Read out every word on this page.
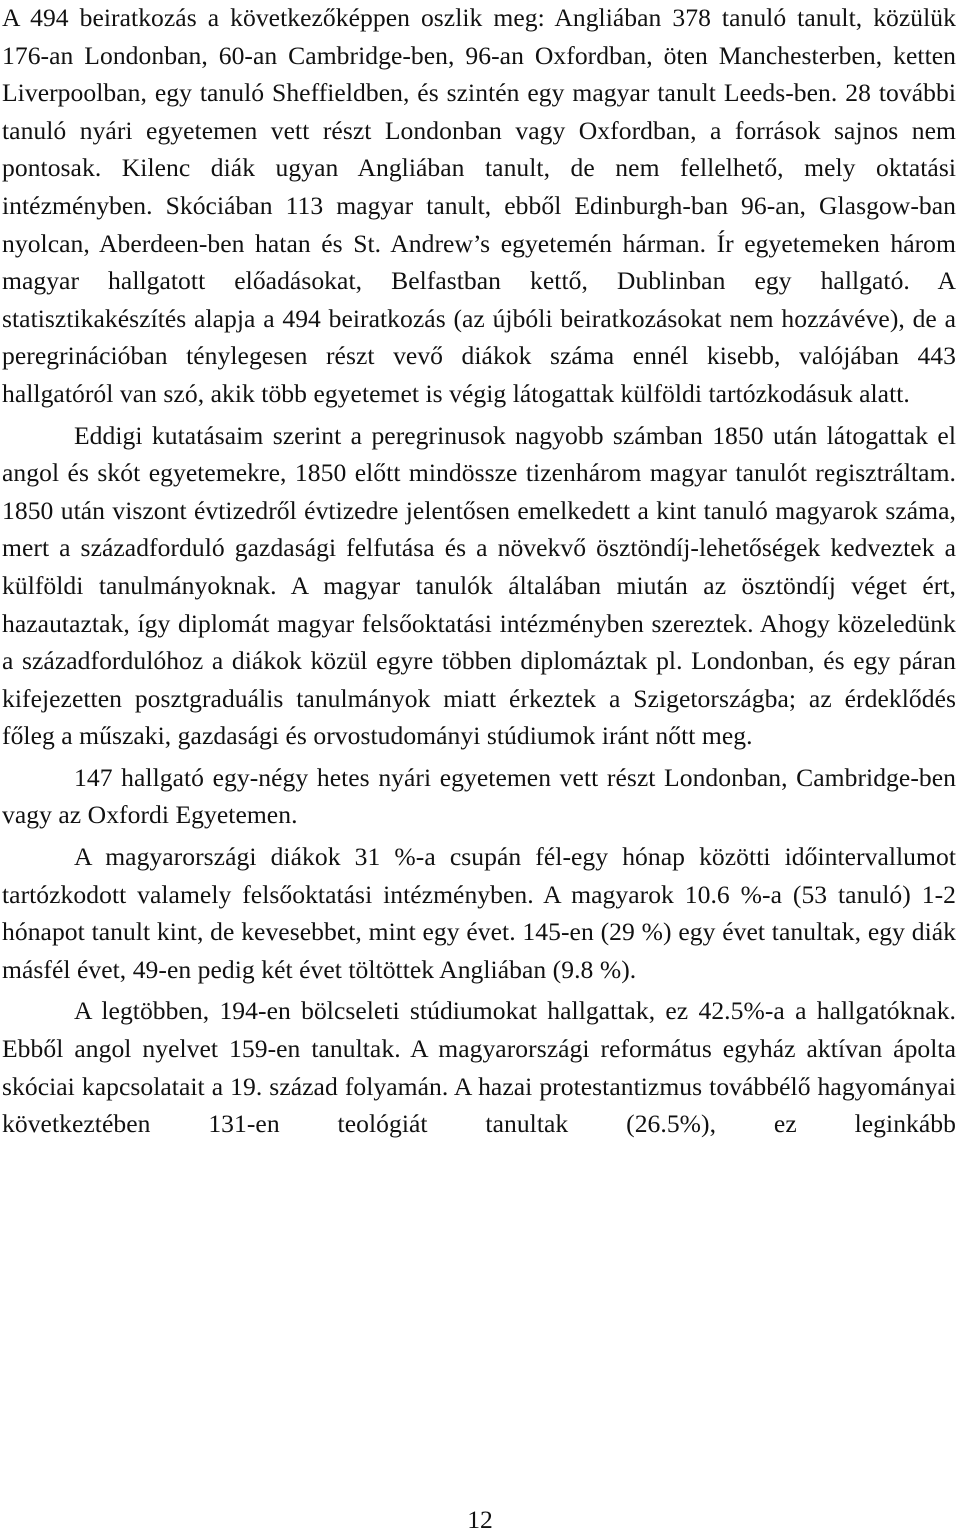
A 494 beiratkozás a következőképpen oszlik meg: Angliában 378 tanuló tanult, közülük 176-an Londonban, 60-an Cambridge-ben, 96-an Oxfordban, öten Manchesterben, ketten Liverpoolban, egy tanuló Sheffieldben, és szintén egy magyar tanult Leeds-ben. 28 további tanuló nyári egyetemen vett részt Londonban vagy Oxfordban, a források sajnos nem pontosak. Kilenc diák ugyan Angliában tanult, de nem fellelhető, mely oktatási intézményben. Skóciában 113 magyar tanult, ebből Edinburgh-ban 96-an, Glasgow-ban nyolcan, Aberdeen-ben hatan és St. Andrew’s egyetemén hárman. Ír egyetemeken három magyar hallgatott előadásokat, Belfastban kettő, Dublinban egy hallgató. A statisztikakészítés alapja a 494 beiratkozás (az újbóli beiratkozásokat nem hozzávéve), de a peregrinációban ténylegesen részt vevő diákok száma ennél kisebb, valójában 443 hallgatóról van szó, akik több egyetemet is végig látogattak külföldi tartózkodásuk alatt.

Eddigi kutatásaim szerint a peregrinusok nagyobb számban 1850 után látogattak el angol és skót egyetemekre, 1850 előtt mindössze tizenhárom magyar tanulót regisztráltam. 1850 után viszont évtizedről évtizedre jelentősen emelkedett a kint tanuló magyarok száma, mert a századforduló gazdasági felfutása és a növekvő ösztöndíj-lehetőségek kedveztek a külföldi tanulmányoknak. A magyar tanulók általában miután az ösztöndíj véget ért, hazautaztak, így diplomát magyar felsőoktatási intézményben szereztek. Ahogy közeledünk a századfordulóhoz a diákok közül egyre többen diplomáztak pl. Londonban, és egy páran kifejezetten posztgraduális tanulmányok miatt érkeztek a Szigetországba; az érdeklődés főleg a műszaki, gazdasági és orvostudományi stúdiumok iránt nőtt meg.

147 hallgató egy-négy hetes nyári egyetemen vett részt Londonban, Cambridge-ben vagy az Oxfordi Egyetemen.

A magyarországi diákok 31 %-a csupán fél-egy hónap közötti időintervallumot tartózkodott valamely felsőoktatási intézményben. A magyarok 10.6 %-a (53 tanuló) 1-2 hónapot tanult kint, de kevesebbet, mint egy évet. 145-en (29 %) egy évet tanultak, egy diák másfél évet, 49-en pedig két évet töltöttek Angliában (9.8 %).

A legtöbben, 194-en bölcseleti stúdiumokat hallgattak, ez 42.5%-a a hallgatóknak. Ebből angol nyelvet 159-en tanultak. A magyarországi református egyház aktívan ápolta skóciai kapcsolatait a 19. század folyamán. A hazai protestantizmus továbbélő hagyományai következtében 131-en teológiát tanultak (26.5%), ez leginkább

12
